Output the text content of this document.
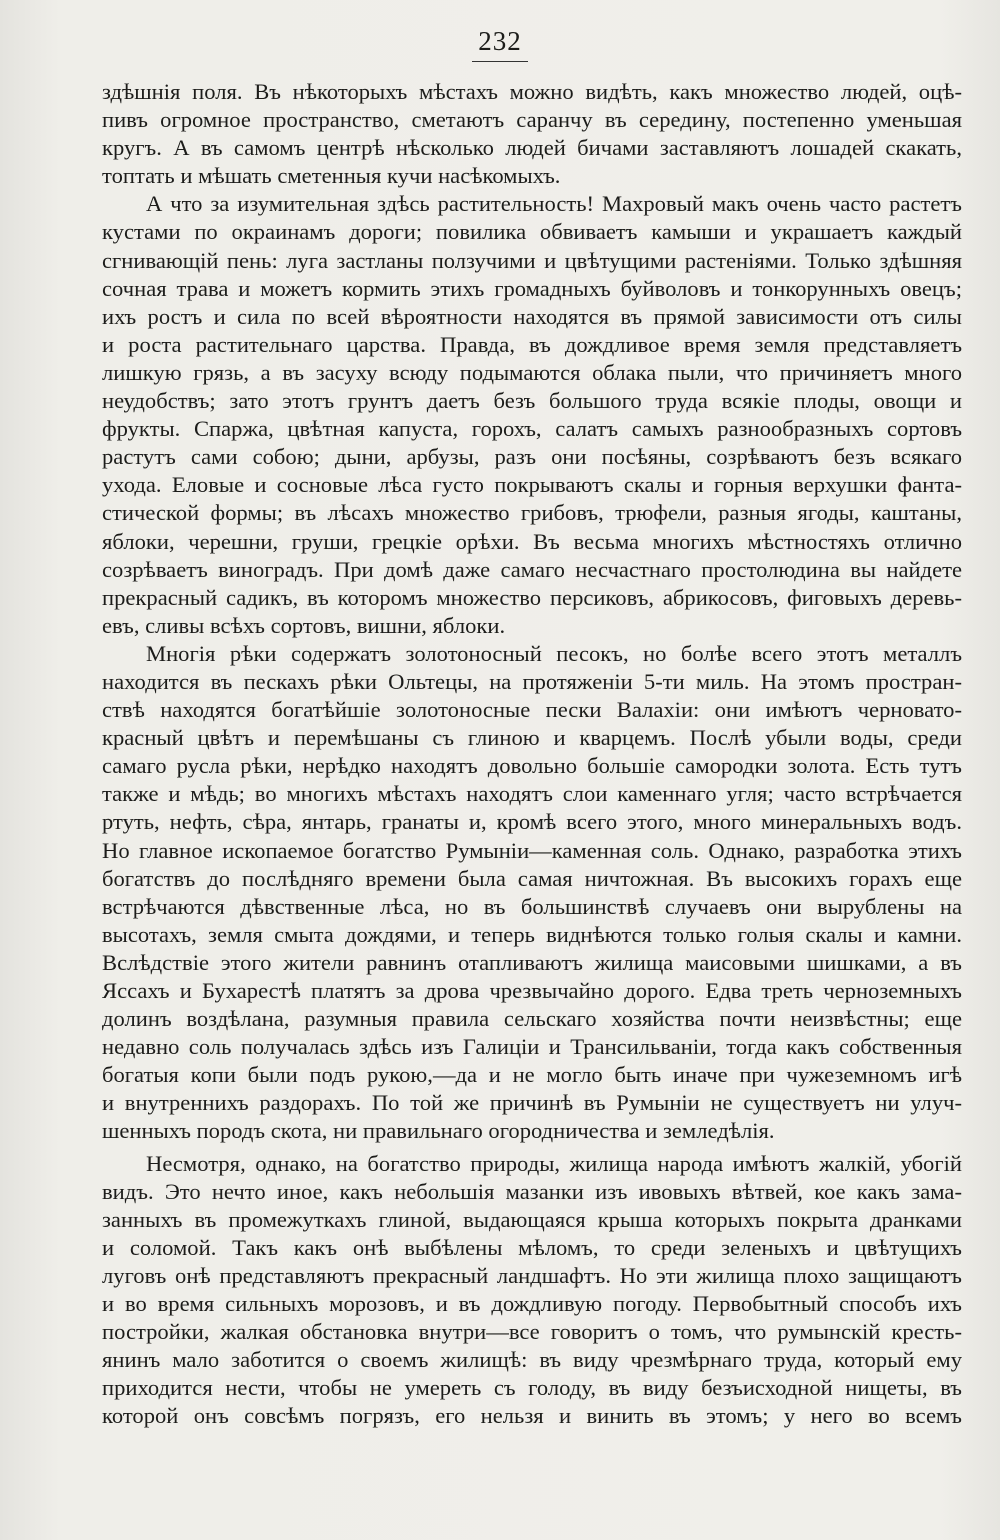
232
здѣшнія поля. Въ нѣкоторыхъ мѣстахъ можно видѣть, какъ множество людей, оцѣ-
пивъ огромное пространство, сметаютъ саранчу въ середину, постепенно уменьшая
кругъ. А въ самомъ центрѣ нѣсколько людей бичами заставляютъ лошадей скакать,
топтать и мѣшать сметенныя кучи насѣкомыхъ.
А что за изумительная здѣсь растительность! Махровый макъ очень часто растетъ
кустами по окраинамъ дороги; повилика обвиваетъ камыши и украшаетъ каждый
сгнивающій пень: луга застланы ползучими и цвѣтущими растеніями. Только здѣшняя
сочная трава и можетъ кормить этихъ громадныхъ буйволовъ и тонкорунныхъ овецъ;
ихъ ростъ и сила по всей вѣроятности находятся въ прямой зависимости отъ силы
и роста растительнаго царства. Правда, въ дождливое время земля представляетъ
лишкую грязь, а въ засуху всюду подымаются облака пыли, что причиняетъ много
неудобствъ; зато этотъ грунтъ даетъ безъ большого труда всякіе плоды, овощи и
фрукты. Спаржа, цвѣтная капуста, горохъ, салатъ самыхъ разнообразныхъ сортовъ
растутъ сами собою; дыни, арбузы, разъ они посѣяны, созрѣваютъ безъ всякаго
ухода. Еловые и сосновые лѣса густо покрываютъ скалы и горныя верхушки фанта-
стической формы; въ лѣсахъ множество грибовъ, трюфели, разныя ягоды, каштаны,
яблоки, черешни, груши, грецкіе орѣхи. Въ весьма многихъ мѣстностяхъ отлично
созрѣваетъ виноградъ. При домѣ даже самаго несчастнаго простолюдина вы найдете
прекрасный садикъ, въ которомъ множество персиковъ, абрикосовъ, фиговыхъ деревь-
евъ, сливы всѣхъ сортовъ, вишни, яблоки.
Многія рѣки содержатъ золотоносный песокъ, но болѣе всего этотъ металлъ
находится въ пескахъ рѣки Ольтецы, на протяженіи 5-ти миль. На этомъ простран-
ствѣ находятся богатѣйшіе золотоносные пески Валахіи: они имѣютъ черновато-
красный цвѣтъ и перемѣшаны съ глиною и кварцемъ. Послѣ убыли воды, среди
самаго русла рѣки, нерѣдко находятъ довольно большіе самородки золота. Есть тутъ
также и мѣдь; во многихъ мѣстахъ находятъ слои каменнаго угля; часто встрѣчается
ртуть, нефть, сѣра, янтарь, гранаты и, кромѣ всего этого, много минеральныхъ водъ.
Но главное ископаемое богатство Румыніи—каменная соль. Однако, разработка этихъ
богатствъ до послѣдняго времени была самая ничтожная. Въ высокихъ горахъ еще
встрѣчаются дѣвственные лѣса, но въ большинствѣ случаевъ они вырублены на
высотахъ, земля смыта дождями, и теперь виднѣются только голыя скалы и камни.
Вслѣдствіе этого жители равнинъ отапливаютъ жилища маисовыми шишками, а въ
Яссахъ и Бухарестѣ платятъ за дрова чрезвычайно дорого. Едва треть черноземныхъ
долинъ воздѣлана, разумныя правила сельскаго хозяйства почти неизвѣстны; еще
недавно соль получалась здѣсь изъ Галиціи и Трансильваніи, тогда какъ собственныя
богатыя копи были подъ рукою,—да и не могло быть иначе при чужеземномъ игѣ
и внутреннихъ раздорахъ. По той же причинѣ въ Румыніи не существуетъ ни улуч-
шенныхъ породъ скота, ни правильнаго огородничества и земледѣлія.
Несмотря, однако, на богатство природы, жилища народа имѣютъ жалкій, убогій
видъ. Это нечто иное, какъ небольшія мазанки изъ ивовыхъ вѣтвей, кое какъ зама-
занныхъ въ промежуткахъ глиной, выдающаяся крыша которыхъ покрыта дранками
и соломой. Такъ какъ онѣ выбѣлены мѣломъ, то среди зеленыхъ и цвѣтущихъ
луговъ онѣ представляютъ прекрасный ландшафтъ. Но эти жилища плохо защищаютъ
и во время сильныхъ морозовъ, и въ дождливую погоду. Первобытный способъ ихъ
постройки, жалкая обстановка внутри—все говоритъ о томъ, что румынскій кресть-
янинъ мало заботится о своемъ жилищѣ: въ виду чрезмѣрнаго труда, который ему
приходится нести, чтобы не умереть съ голоду, въ виду безъисходной нищеты, въ
которой онъ совсѣмъ погрязъ, его нельзя и винить въ этомъ; у него во всемъ
